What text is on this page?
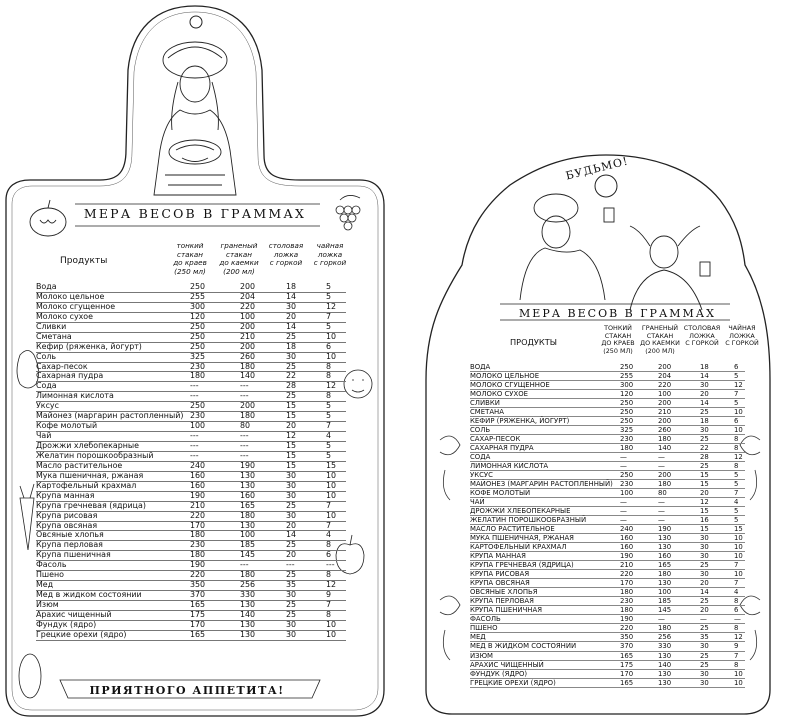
МЕРА ВЕСОВ В ГРАММАХ
Продукты
тонкий
стакан
до краев
(250 мл)
граненый
стакан
до каемки
(200 мл)
столовая
ложка
с горкой
чайная
ложка
с горкой
Вода	250	200	18	5
Молоко цельное	255	204	14	5
Молоко сгущенное	300	220	30	12
Молоко сухое	120	100	20	7
Сливки	250	200	14	5
Сметана	250	210	25	10
Кефир (ряженка, йогурт)	250	200	18	6
Соль	325	260	30	10
Сахар-песок	230	180	25	8
Сахарная пудра	180	140	22	8
Сода	---	---	28	12
Лимонная кислота	---	---	25	8
Уксус	250	200	15	5
Майонез (маргарин растопленный) 230	180	15	5
Кофе молотый	100	80	20	7
Чай	---	---	12	4
Дрожжи хлебопекарные	---	---	15	5
Желатин порошкообразный	---	---	15	5
Масло растительное	240	190	15	15
Мука пшеничная, ржаная	160	130	30	10
Картофельный крахмал	160	130	30	10
Крупа манная	190	160	30	10
Крупа гречневая (ядрица)	210	165	25	7
Крупа рисовая	220	180	30	10
Крупа овсяная	170	130	20	7
Овсяные хлопья	180	100	14	4
Крупа перловая	230	185	25	8
Крупа пшеничная	180	145	20	6
Фасоль	190	---	---	---
Пшено	220	180	25	8
Мед	350	256	35	12
Мед в жидком состоянии	370	330	30	9
Изюм	165	130	25	7
Арахис чищенный	175	140	25	8
Фундук (ядро)	170	130	30	10
Грецкие орехи (ядро)	165	130	30	10
ПРИЯТНОГО АППЕТИТА!
БУДЬМО!
МЕРА ВЕСОВ В ГРАММАХ
ПРОДУКТЫ
ТОНКИЙ
СТАКАН
ДО КРАЕВ
(250 МЛ)
ГРАНЕНЫЙ
СТАКАН
ДО КАЕМКИ
(200 МЛ)
СТОЛОВАЯ
ЛОЖКА
С ГОРКОЙ
ЧАЙНАЯ
ЛОЖКА
С ГОРКОЙ
ВОДА	250	200	18	6
МОЛОКО ЦЕЛЬНОЕ	255	204	14	5
МОЛОКО СГУЩЕННОЕ	300	220	30	12
МОЛОКО СУХОЕ	120	100	20	7
СЛИВКИ	250	200	14	5
СМЕТАНА	250	210	25	10
КЕФИР (РЯЖЕНКА, ЙОГУРТ)	250	200	18	6
СОЛЬ	325	260	30	10
САХАР-ПЕСОК	230	180	25	8
САХАРНАЯ ПУДРА	180	140	22	8
СОДА	—	—	28	12
ЛИМОННАЯ КИСЛОТА	—	—	25	8
УКСУС	250	200	15	5
МАЙОНЕЗ (МАРГАРИН РАСТОПЛЕННЫЙ) 230	180	15	5
КОФЕ МОЛОТЫЙ	100	80	20	7
ЧАЙ	—	—	12	4
ДРОЖЖИ ХЛЕБОПЕКАРНЫЕ	—	—	15	5
ЖЕЛАТИН ПОРОШКООБРАЗНЫЙ	—	—	16	5
МАСЛО РАСТИТЕЛЬНОЕ	240	190	15	15
МУКА ПШЕНИЧНАЯ, РЖАНАЯ	160	130	30	10
КАРТОФЕЛЬНЫЙ КРАХМАЛ	160	130	30	10
КРУПА МАННАЯ	190	160	30	10
КРУПА ГРЕЧНЕВАЯ (ЯДРИЦА)	210	165	25	7
КРУПА РИСОВАЯ	220	180	30	10
КРУПА ОВСЯНАЯ	170	130	20	7
ОВСЯНЫЕ ХЛОПЬЯ	180	100	14	4
КРУПА ПЕРЛОВАЯ	230	185	25	8
КРУПА ПШЕНИЧНАЯ	180	145	20	6
ФАСОЛЬ	190	—	—	—
ПШЕНО	220	180	25	8
МЕД	350	256	35	12
МЕД В ЖИДКОМ СОСТОЯНИИ	370	330	30	9
ИЗЮМ	165	130	25	7
АРАХИС ЧИЩЕННЫЙ	175	140	25	8
ФУНДУК (ЯДРО)	170	130	30	10
ГРЕЦКИЕ ОРЕХИ (ЯДРО)	165	130	30	10
